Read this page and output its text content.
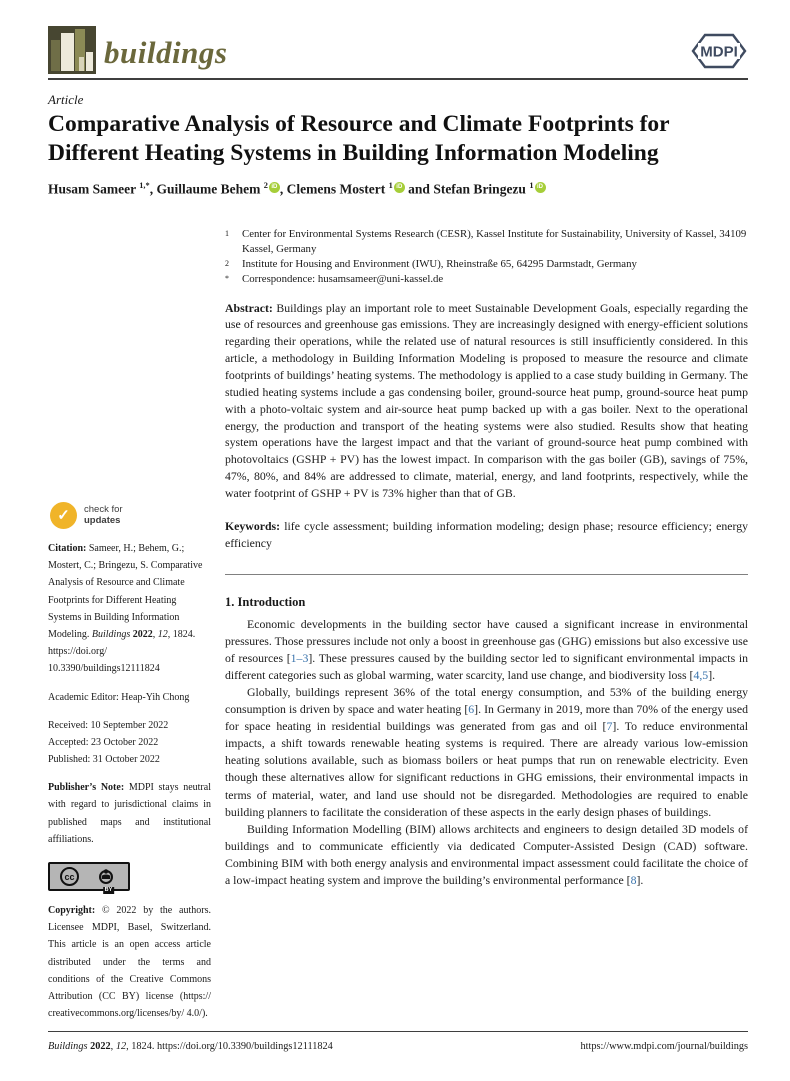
buildings	MDPI
Article
Comparative Analysis of Resource and Climate Footprints for Different Heating Systems in Building Information Modeling
Husam Sameer $^{1,*}$, Guillaume Behem $^2$ iD , Clemens Mostert $^1$ iD and Stefan Bringezu $^1$ iD
1	Center for Environmental Systems Research (CESR), Kassel Institute for Sustainability, University of Kassel, 34109 Kassel, Germany
2	Institute for Housing and Environment (IWU), Rheinstraße 65, 64295 Darmstadt, Germany
*	Correspondence: husamsameer@uni-kassel.de

Abstract: Buildings play an important role to meet Sustainable Development Goals, especially regarding the use of resources and greenhouse gas emissions. They are increasingly designed with energy-efficient solutions regarding their operations, while the related use of natural resources is still insufficiently considered. In this article, a methodology in Building Information Modeling is proposed to measure the resource and climate footprints of buildings’ heating systems. The methodology is applied to a case study building in Germany. The studied heating systems include a gas condensing boiler, ground-source heat pump, ground-source heat pump with a photo-voltaic system and air-source heat pump backed up with a gas boiler. Next to the operational energy, the production and transport of the heating systems were also studied. Results show that heating system operations have the largest impact and that the variant of ground-source heat pump combined with photovoltaics (GSHP + PV) has the lowest impact. In comparison with the gas boiler (GB), savings of 75%, 47%, 80%, and 84% are addressed to climate, material, energy, and land footprints, respectively, while the water footprint of GSHP + PV is 73% higher than that of GB.

Keywords: life cycle assessment; building information modeling; design phase; resource efficiency; energy efficiency

1. Introduction

Economic developments in the building sector have caused a significant increase in environmental pressures. Those pressures include not only a boost in greenhouse gas (GHG) emissions but also excessive use of resources [1–3]. These pressures caused by the building sector led to significant environmental impacts in different categories such as global warming, water scarcity, land use change, and biodiversity loss [4,5].

Globally, buildings represent 36% of the total energy consumption, and 53% of the building energy consumption is driven by space and water heating [6]. In Germany in 2019, more than 70% of the energy used for space heating in residential buildings was generated from gas and oil [7]. To reduce environmental impacts, a shift towards renewable heating systems is required. There are already various low-emission heating solutions available, such as biomass boilers or heat pumps that run on renewable electricity. Even though these alternatives allow for significant reductions in GHG emissions, their environmental impacts in terms of material, water, and land use should not be disregarded. Methodologies are required to enable building planners to facilitate the consideration of these aspects in the early design phases of buildings.

Building Information Modelling (BIM) allows architects and engineers to design detailed 3D models of buildings and to communicate efficiently via dedicated Computer-Assisted Design (CAD) software. Combining BIM with both energy analysis and environmental impact assessment could facilitate the choice of a low-impact heating system and improve the building’s environmental performance [8].

✓	check for
updates
Citation: Sameer, H.; Behem, G.; Mostert, C.; Bringezu, S. Comparative Analysis of Resource and Climate Footprints for Different Heating Systems in Building Information Modeling. Buildings 2022, 12, 1824. https://doi.org/ 10.3390/buildings12111824
Academic Editor: Heap-Yih Chong
Received: 10 September 2022
Accepted: 23 October 2022
Published: 31 October 2022
Publisher’s Note: MDPI stays neutral with regard to jurisdictional claims in published maps and institutional affiliations.
cc
BY
Copyright: © 2022 by the authors. Licensee MDPI, Basel, Switzerland. This article is an open access article distributed under the terms and conditions of the Creative Commons Attribution (CC BY) license (https:// creativecommons.org/licenses/by/ 4.0/).
Buildings 2022, 12, 1824. https://doi.org/10.3390/buildings12111824	https://www.mdpi.com/journal/buildings
